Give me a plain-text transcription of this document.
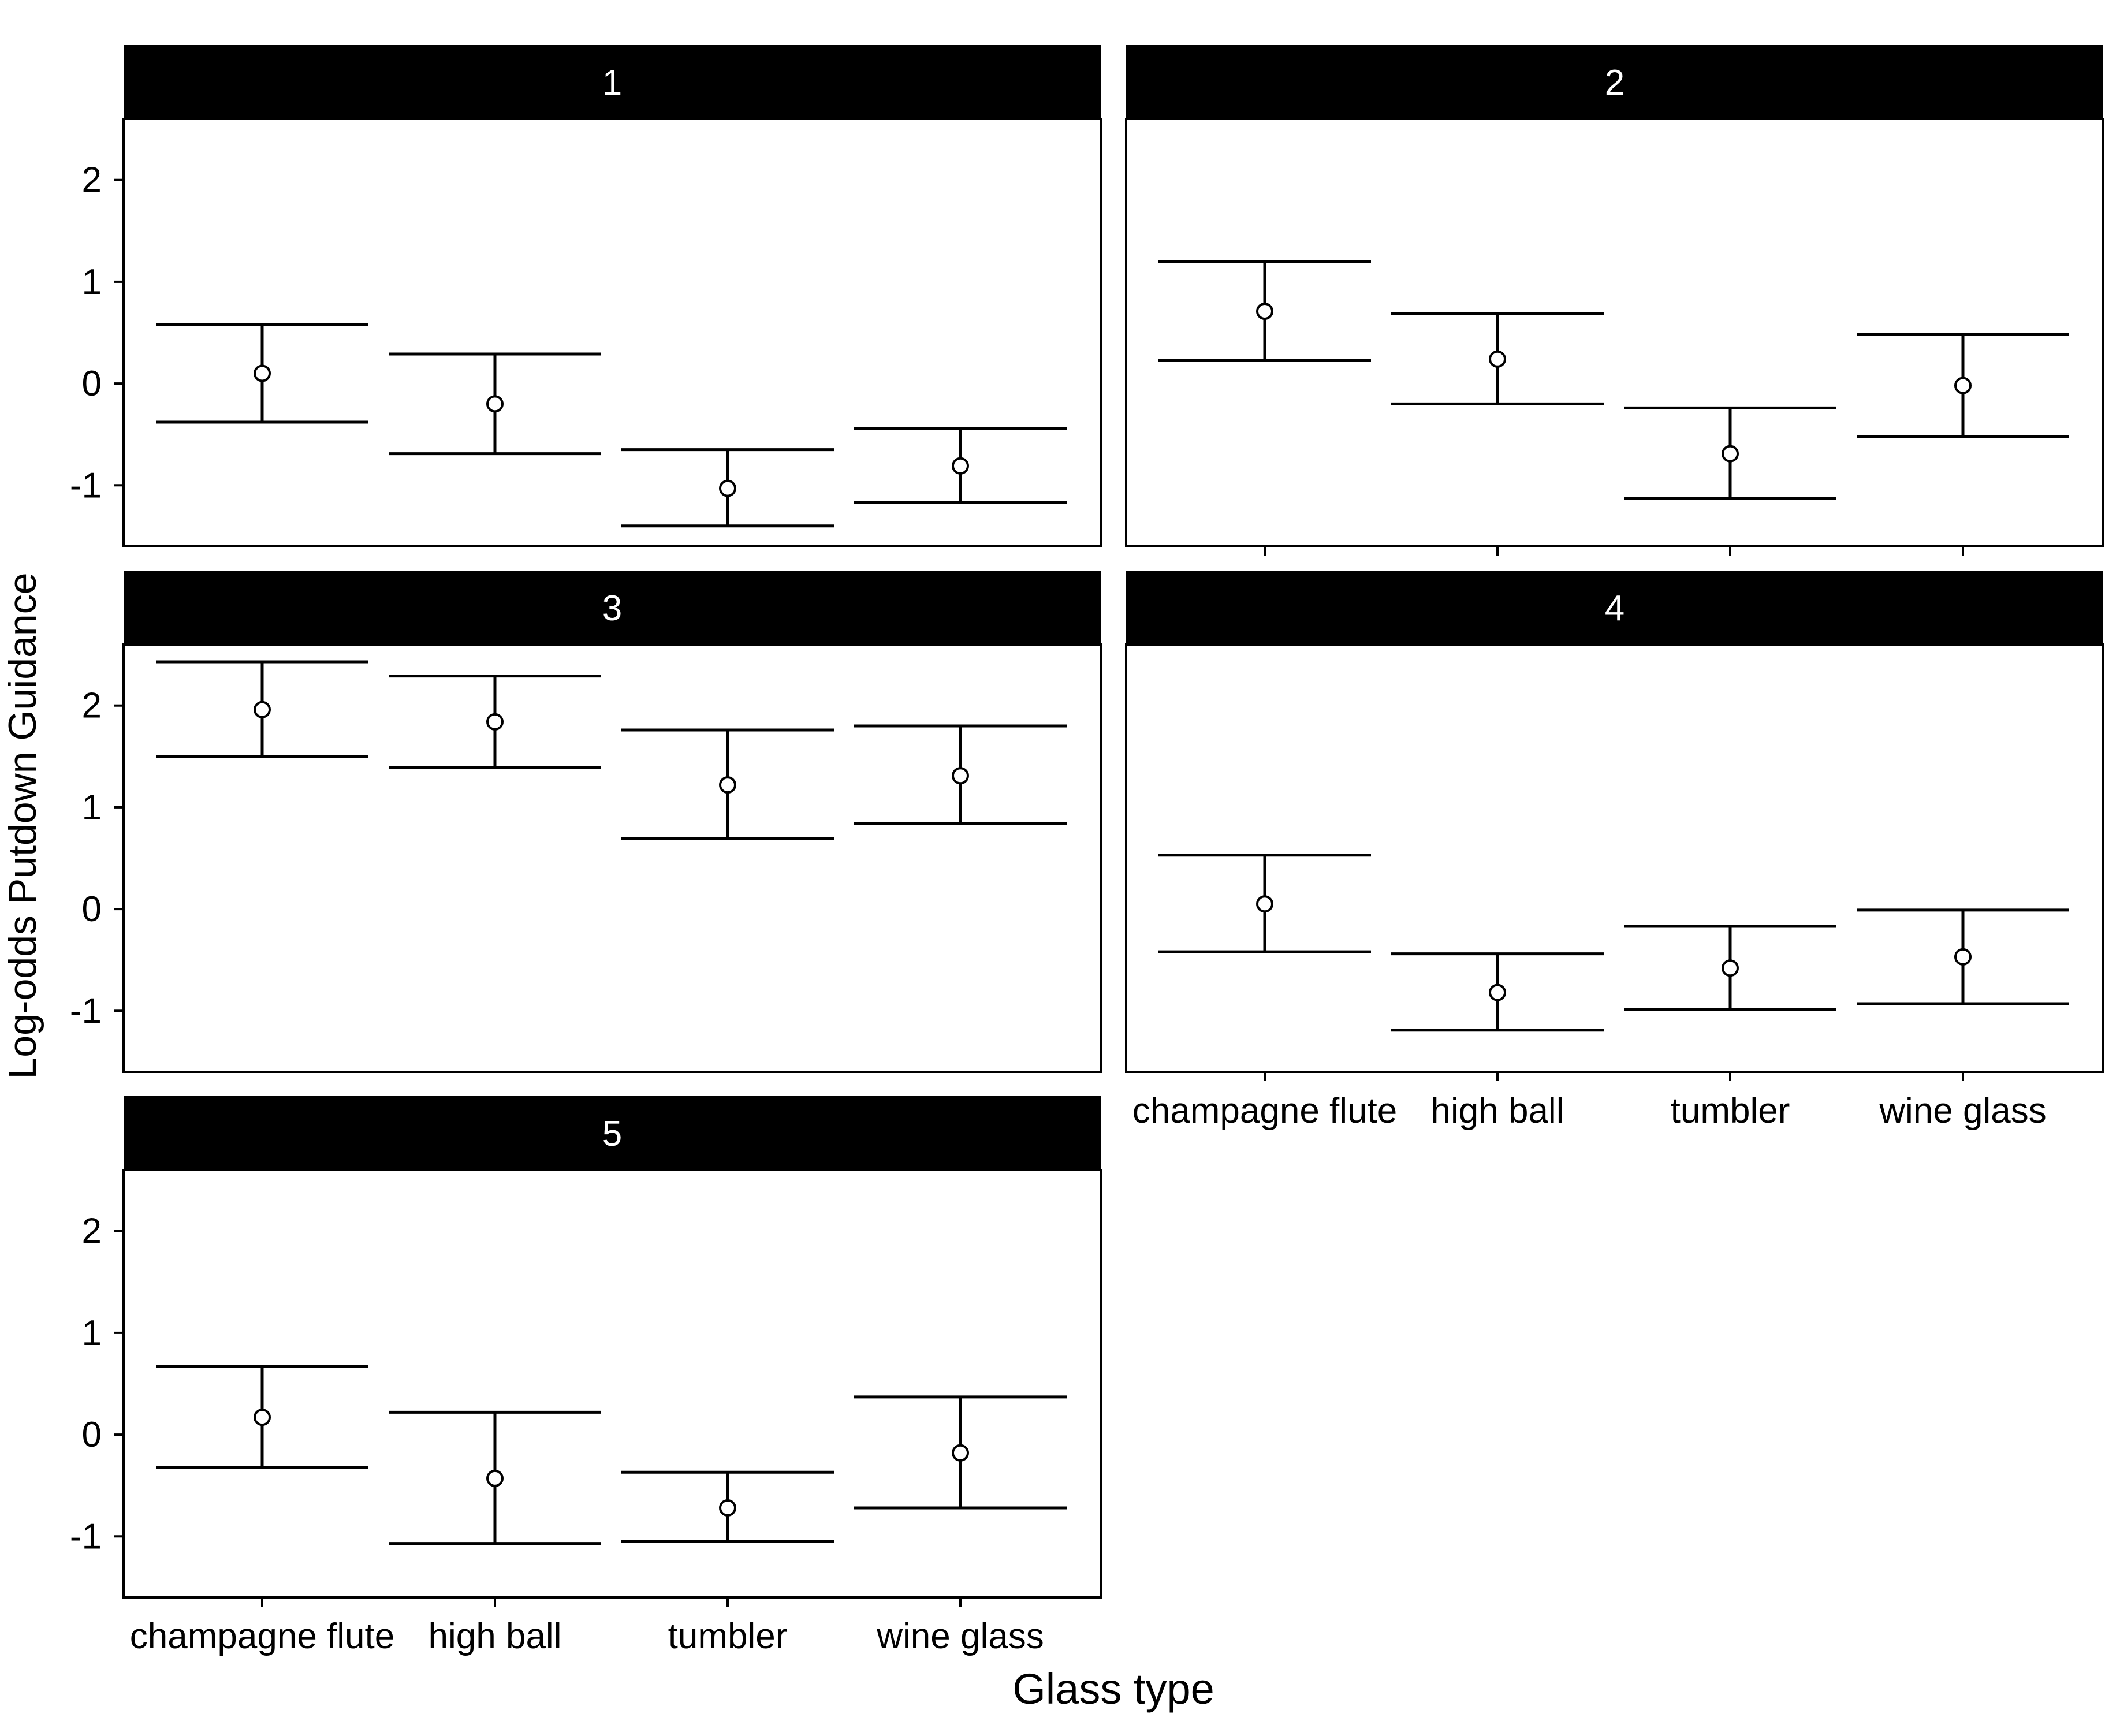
1
2
1
0
-1
2
3
2
1
0
-1
4
champagne flute high ball	tumbler wine glass
5
2
1
0
-1
champagne flute high ball	tumbler wine glass
Log-odds Putdown Guidance
Glass type
